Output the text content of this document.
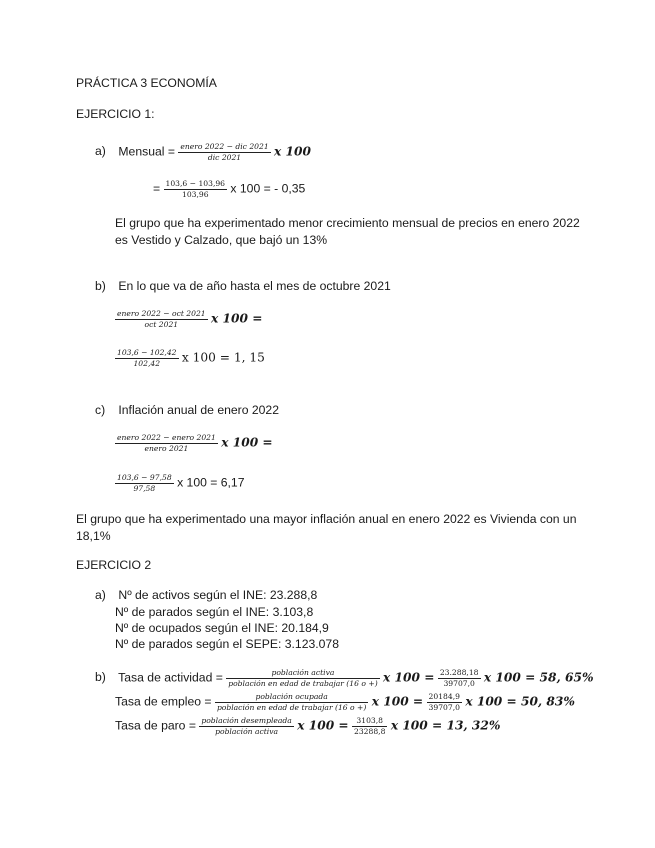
PRÁCTICA 3 ECONOMÍA
EJERCICIO 1:
a) Mensual = $\frac{\text{enero 2022 − dic 2021}}{\text{dic 2021}}$ x 100
= $\frac{103,6 - 103,96}{103,96}$ x 100 = - 0,35
El grupo que ha experimentado menor crecimiento mensual de precios en enero 2022
es Vestido y Calzado, que bajó un 13%
b) En lo que va de año hasta el mes de octubre 2021
$\frac{\text{enero 2022 − oct 2021}}{\text{oct 2021}}$ x 100 =
$\frac{103,6 - 102,42}{102,42}$ x 100 = 1, 15
c) Inflación anual de enero 2022
$\frac{\text{enero 2022 − enero 2021}}{\text{enero 2021}}$ x 100 =
$\frac{103,6 - 97,58}{97,58}$ x 100 = 6,17
El grupo que ha experimentado una mayor inflación anual en enero 2022 es Vivienda con un
18,1%
EJERCICIO 2
a) Nº de activos según el INE: 23.288,8
Nº de parados según el INE: 3.103,8
Nº de ocupados según el INE: 20.184,9
Nº de parados según el SEPE: 3.123.078
b) Tasa de actividad = $\frac{\text{población activa}}{\text{población en edad de trabajar (16 o +)}}$ x $100 = \frac{23.288,18}{39707,0}$ x 100 = 58, 65%
Tasa de empleo = $\frac{\text{población ocupada}}{\text{población en edad de trabajar (16 o +)}}$ x $100 = \frac{20184,9}{39707,0}$ x 100 = 50, 83%
Tasa de paro = $\frac{\text{población desempleada}}{\text{población activa}}$ x $100 = \frac{3103,8}{23288,8}$ x 100 = 13, 32%
